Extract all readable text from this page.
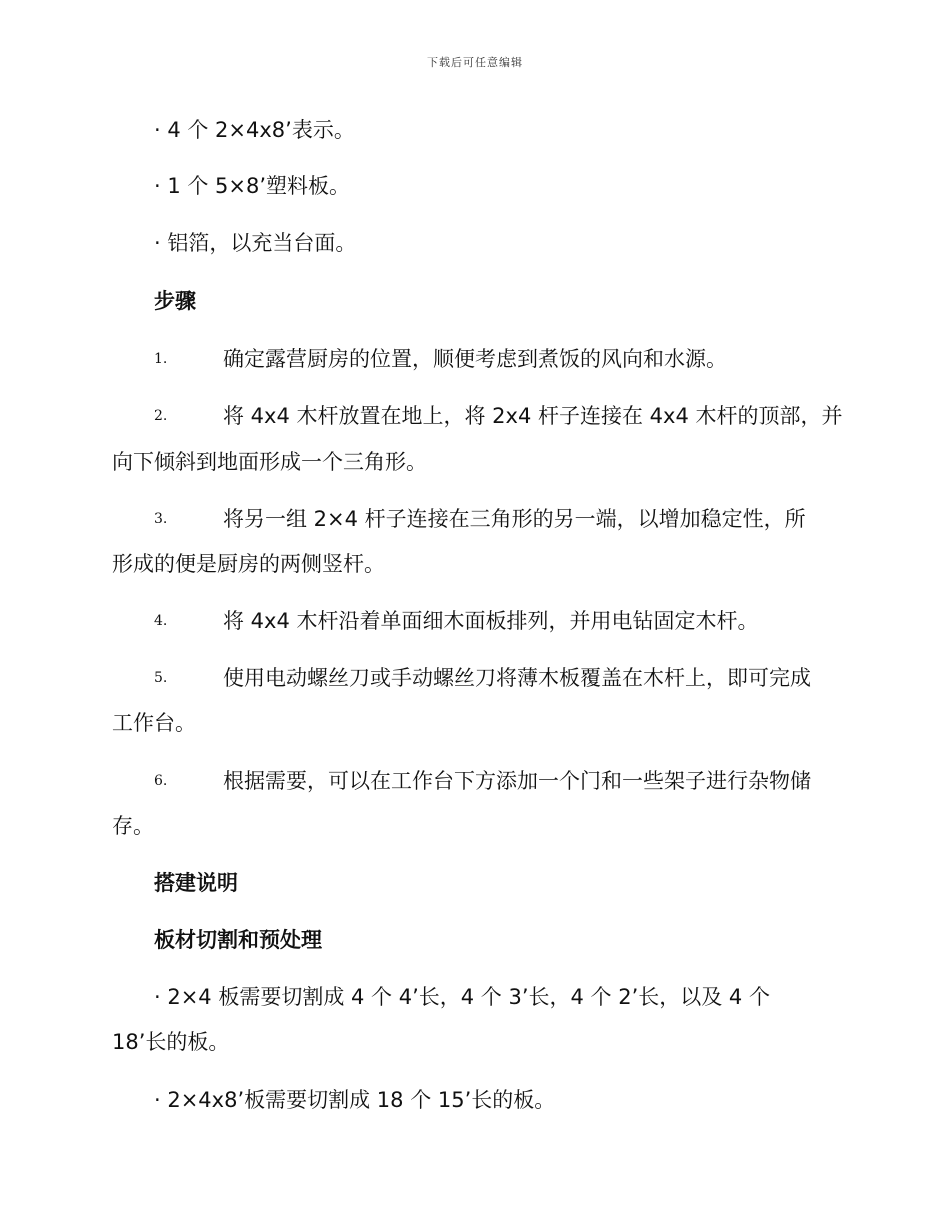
下载后可任意编辑
· 4 个 2×4x8’表示。
· 1 个 5×8’塑料板。
· 铝箔，以充当台面。
步骤
1.	确定露营厨房的位置，顺便考虑到煮饭的风向和水源。
2.	将 4x4 木杆放置在地上，将 2x4 杆子连接在 4x4 木杆的顶部，并
向下倾斜到地面形成一个三角形。
3.	将另一组 2×4 杆子连接在三角形的另一端，以增加稳定性，所
形成的便是厨房的两侧竖杆。
4.	将 4x4 木杆沿着单面细木面板排列，并用电钻固定木杆。
5.	使用电动螺丝刀或手动螺丝刀将薄木板覆盖在木杆上，即可完成
工作台。
6.	根据需要，可以在工作台下方添加一个门和一些架子进行杂物储
存。
搭建说明
板材切割和预处理
· 2×4 板需要切割成 4 个 4’长，4 个 3’长，4 个 2’长，以及 4 个
18’长的板。
· 2×4x8’板需要切割成 18 个 15’长的板。
